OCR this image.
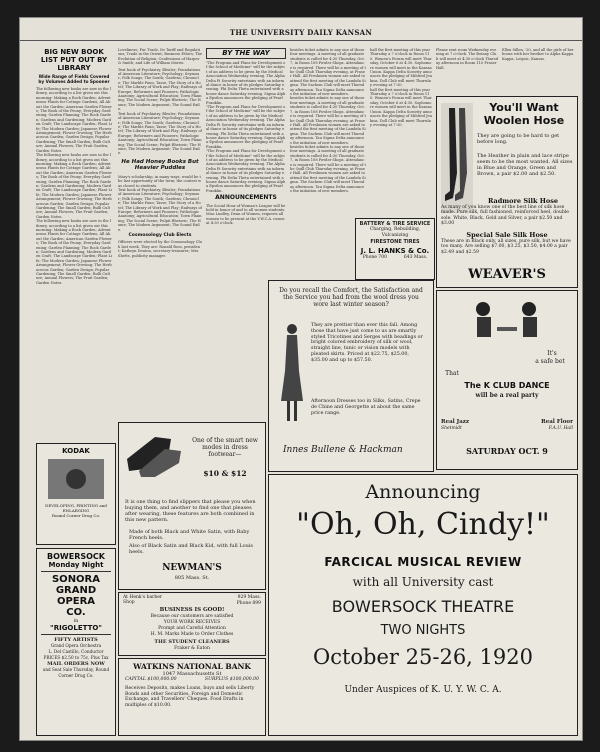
THE UNIVERSITY DAILY KANSAN
BIG NEW BOOK LIST PUT OUT BY LIBRARY
Wide Range of Fields Covered by Volumes Added to Spooner
The following new books are now in the library, according to a list given out this morning: Making a Rock Garden; Adventurous Plants for Cottage Gardens; All About the Garden; American Garden Flowers; The Book of the Peony; Everyday Gardening; Garden Planning; The Rock Garden; Gardens and Gardening; Modern Garden Craft; The Landscape Garden; Plant Life; The Modern Garden; Japanese Flower Arrangement; Flower Growing; The Herbaceous Garden; Garden Design; Popular Gardening; The Small Garden; Bulb Culture; Annual Flowers; The Fruit Garden; Garden Notes.
The following new books are now in the library, according to a list given out this morning: Making a Rock Garden; Adventurous Plants for Cottage Gardens; All About the Garden; American Garden Flowers; The Book of the Peony; Everyday Gardening; Garden Planning; The Rock Garden; Gardens and Gardening; Modern Garden Craft; The Landscape Garden; Plant Life; The Modern Garden; Japanese Flower Arrangement; Flower Growing; The Herbaceous Garden; Garden Design; Popular Gardening; The Small Garden; Bulb Culture; Annual Flowers; The Fruit Garden; Garden Notes.
The following new books are now in the library, according to a list given out this morning: Making a Rock Garden; Adventurous Plants for Cottage Gardens; All About the Garden; American Garden Flowers; The Book of the Peony; Everyday Gardening; Garden Planning; The Rock Garden; Gardens and Gardening; Modern Garden Craft; The Landscape Garden; Plant Life; The Modern Garden; Japanese Flower Arrangement; Flower Growing; The Herbaceous Garden; Garden Design; Popular Gardening; The Small Garden; Bulb Culture; Annual Flowers; The Fruit Garden; Garden Notes.
KODAK
DEVELOPING, PRINTING and ENLARGING
Round Corner Drug Co.
BOWERSOCK
Monday Night
SONORA
GRAND
OPERA
CO.
in
"RIGOLETTO"
FIFTY ARTISTS
Grand Opera Orchestra
L. Del Castillo, Conductor
PRICES $2.50 to 75c, Plus Tax
MAIL ORDERS NOW
and Seat Sale Thursday, Round Corner Drug Co.
Loveliness; Fur Trade, Its Tariff and Regulations; Trade in the Orient; Business Ethics; The Evolution of Religion; Confessions of Harper & Smith; and Life of William Morris.
Text book of Psychiatry, Bleuler; Foundations of American Literature; Psychology; Seymour; Folk Songs; The South; Gardens; Chronicle; The Marble Faun; Tasse; The Story of a Hotel; The Library of Work and Play; Railways of Europe; Reformers and Pioneers; Pathologic Anatomy; Agricultural Education; Town Planning; The Social Scene; Pulpit Rhetoric; The Home; The Modern Argument; The Sound Exile.
Text book of Psychiatry, Bleuler; Foundations of American Literature; Psychology; Seymour; Folk Songs; The South; Gardens; Chronicle; The Marble Faun; Tasse; The Story of a Hotel; The Library of Work and Play; Railways of Europe; Reformers and Pioneers; Pathologic Anatomy; Agricultural Education; Town Planning; The Social Scene; Pulpit Rhetoric; The Home; The Modern Argument; The Sound Exile.
He Had Honey Books But Heavier Puddles
Mary's scholarship, in many ways, would be the last opportunity of the term; the contest was closed to students.
Text book of Psychiatry, Bleuler; Foundations of American Literature; Psychology; Seymour; Folk Songs; The South; Gardens; Chronicle; The Marble Faun; Tasse; The Story of a Hotel; The Library of Work and Play; Railways of Europe; Reformers and Pioneers; Pathologic Anatomy; Agricultural Education; Town Planning; The Social Scene; Pulpit Rhetoric; The Home; The Modern Argument; The Sound Exile.
Cosmosology Club Elects
Officers were elected by the Cosmosology Club last week. They are: Ronald Ross, president; Kathryn Denton, secretary-treasurer; Mrs. Shetts, publicity manager.
BY THE WAY
"The Program and Plans for Development of the School of Medicine" will be the subject of an address to be given by the Medical Association Wednesday evening. The Alpha Delta Pi Sorority entertains with an informal dance in honor of its pledges Saturday evening. Phi Delta Theta entertained with a house dance Saturday evening. Sigma Alpha Epsilon announces the pledging of Pearl Franklin.
"The Program and Plans for Development of the School of Medicine" will be the subject of an address to be given by the Medical Association Wednesday evening. The Alpha Delta Pi Sorority entertains with an informal dance in honor of its pledges Saturday evening. Phi Delta Theta entertained with a house dance Saturday evening. Sigma Alpha Epsilon announces the pledging of Pearl Franklin.
"The Program and Plans for Development of the School of Medicine" will be the subject of an address to be given by the Medical Association Wednesday evening. The Alpha Delta Pi Sorority entertains with an informal dance in honor of its pledges Saturday evening. Phi Delta Theta entertained with a house dance Saturday evening. Sigma Alpha Epsilon announces the pledging of Pearl Franklin.
ANNOUNCEMENTS
The Social Hour of Woman's League will be held in honor of and to all women students. Miss Lindley, Dean of Women, requests all women to be present at the Y.W.C.A. rooms at 4:30 o'clock.
besides ticket admits to any one of those four meetings. A meeting of all graduate students is called for 4:30 Thursday, Oct. 7, in Room 108 Fowler Shops. Attendance is required. There will be a meeting of the Quill Club Thursday evening, at Fraser Hall. All Freshmen women are asked to attend the first meeting of the Lambda Sigma. The Sachem Club will meet Thursday afternoon. Tau Sigma Delta announces the initiation of new members.
besides ticket admits to any one of those four meetings. A meeting of all graduate students is called for 4:30 Thursday, Oct. 7, in Room 108 Fowler Shops. Attendance is required. There will be a meeting of the Quill Club Thursday evening, at Fraser Hall. All Freshmen women are asked to attend the first meeting of the Lambda Sigma. The Sachem Club will meet Thursday afternoon. Tau Sigma Delta announces the initiation of new members.
besides ticket admits to any one of those four meetings. A meeting of all graduate students is called for 4:30 Thursday, Oct. 7, in Room 108 Fowler Shops. Attendance is required. There will be a meeting of the Quill Club Thursday evening, at Fraser Hall. All Freshmen women are asked to attend the first meeting of the Lambda Sigma. The Sachem Club will meet Thursday afternoon. Tau Sigma Delta announces the initiation of new members.
hall the first meeting of this year Thursday a 7 o'clock in Room 110. Women's Forum will meet Thursday, October 6 at 4:30. Sophomore women will meet in the Kansas Union. Kappa Delta Sorority announces the pledging of Mildred Jenkins. Doll Club will meet Thursday evening at 7:30.
hall the first meeting of this year Thursday a 7 o'clock in Room 110. Women's Forum will meet Thursday, October 6 at 4:30. Sophomore women will meet in the Kansas Union. Kappa Delta Sorority announces the pledging of Mildred Jenkins. Doll Club will meet Thursday evening at 7:30.
BATTERY & TIRE SERVICE
Charging, Rebuilding,
Vulcanizing
FIRESTONE TIRES
J. L. HANKS & Co.
Phone 700	643 Mass.
Please rent room Wednesday evening at 7 o'clock. The Botany Club will meet at 4:30 o'clock Thursday afternoon in Room 110 Fraser Hall.
Ellen Sillen, '20, and all the girls of her house with her brother to Alpha Kappa Kappa, Leipsic, Kansas.
You'll Want Woolen Hose
They are going to be hard to get before long.
The Heather in plain and lace stripe seem to be the most wanted. All sizes in Blue and Orange, Green and Brown, a pair $2.00 and $2.50.
Radmore Silk Hose
As many of you know one of the best line of silk hose made. Pure silk, full fashioned, reinforced heel, double sole. White, Black, Gold and Silver, a pair $2.50 and $3.00
Special Sale Silk Hose
These are in Black only, all sizes, pure silk, but we have too many. Are selling $7.00, $3.25, $3.50, $4.00 a pair $2.49 and $2.59
WEAVER'S
Do you recall the Comfort, the Satisfaction and the Service you had from the wool dress you wore last winter season?
They are prettier than ever this fall. Among those that have just come to us are smartly styled Tricotines and Serges with beadings or bright colored embroidery of silk or wool, straight line, tunic or vision models with pleated skirts. Priced at $22.75, $25.00, $35.00 and up to $57.50.
Afternoon Dresses too in Silks, Satins, Crepe de Chine and Georgette at about the same price range.
Innes Bullene & Hackman
It's
a safe bet
That
The K CLUB DANCE
will be a real party
Real Jazz
Shetmidt
Real Floor
F.A.U. Hall
SATURDAY OCT. 9
One of the smart new modes in dress footwear—
$10 & $12
It is one thing to find slippers that please you when buying them, and another to find one that pleases after wearing, these features are both combined in this new pattern.
Made of both Black and White Satin, with Baby French heels.
Also of Black Satin and Black Kid, with full Louis heels.
NEWMAN'S
805 Mass. St.
At Henk's barber Shop
929 Mass.
Phone 899
BUSINESS IS GOOD!
Because our customers are satisfied
YOUR WORK RECEIVES
Prompt and Careful Attention
H. M. Marks Made to Order Clothes
THE STUDENT CLEANERS
Fraker & Eaton
WATKINS NATIONAL BANK
1047 Massachusetts St
CAPITAL $100,000.00	SURPLUS $100,000.00
Receives Deposits, makes Loans, buys and sells Liberty Bonds and other Securities, Foreign and Domestic Exchange, and Travellers' Cheques. Food Drafts in multiples of $10.00.
Announcing
"Oh, Oh, Cindy!"
FARCICAL MUSICAL REVIEW
with all University cast
BOWERSOCK THEATRE
TWO NIGHTS
October 25-26, 1920
Under Auspices of K. U. Y. W. C. A.
